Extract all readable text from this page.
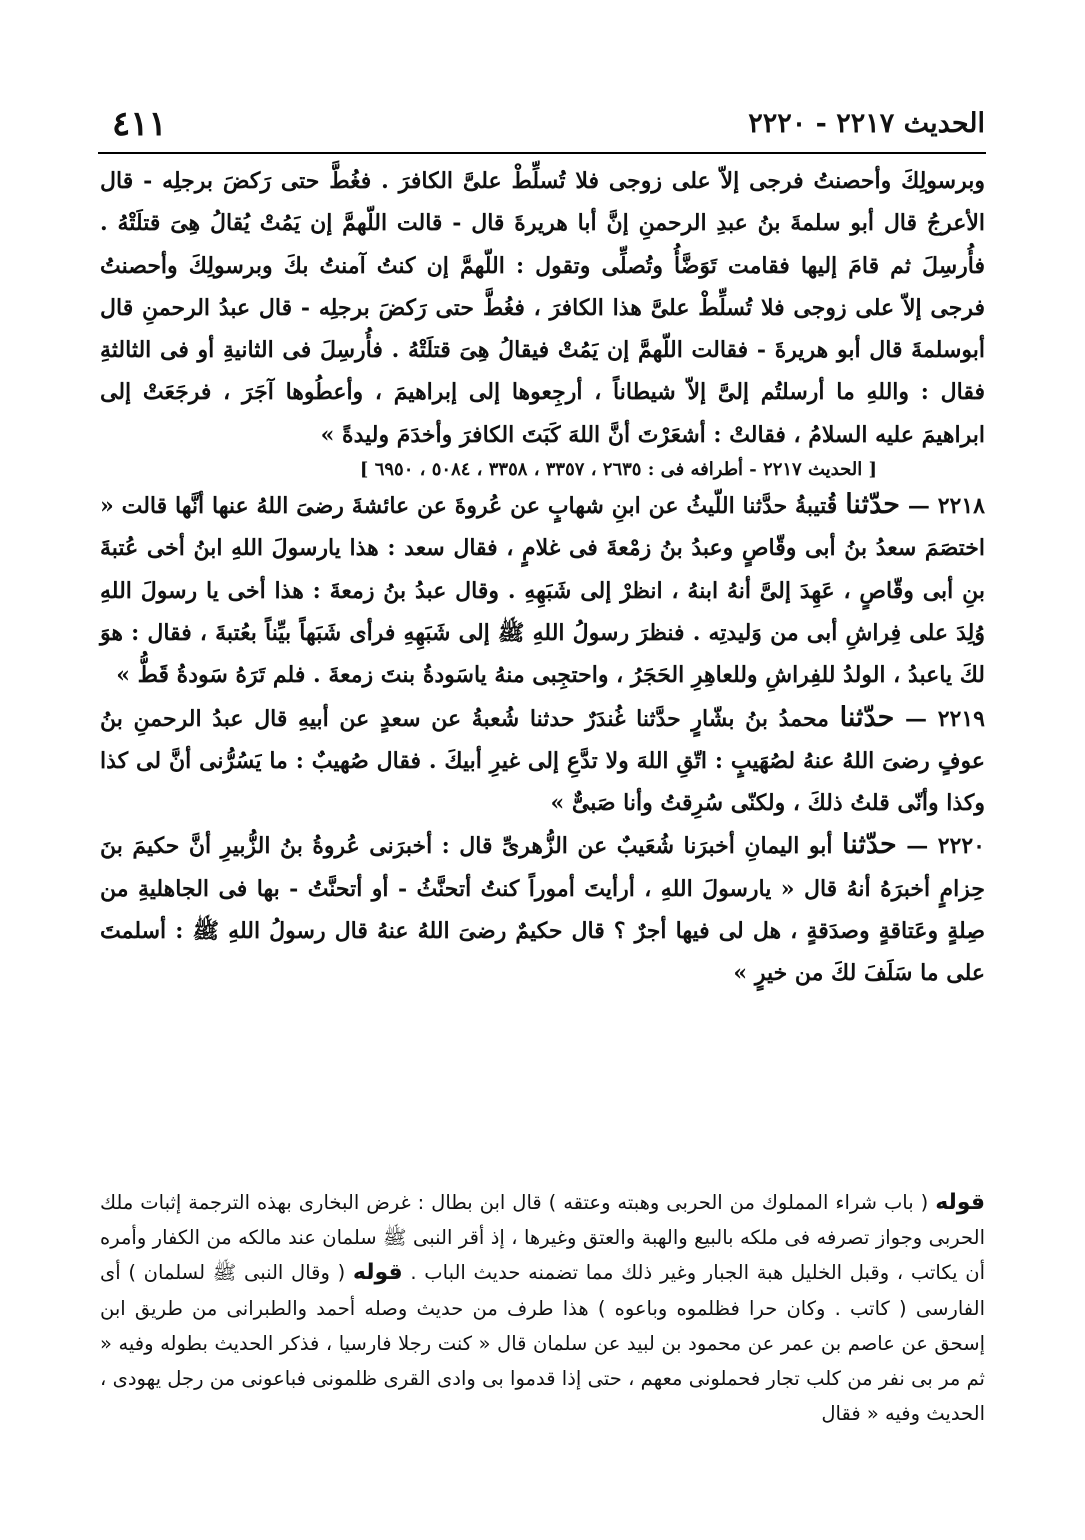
الحديث ٢٢١٧ - ٢٢٢٠
٤١١

وبرسولِكَ وأحصنتُ فرجى إلاّ على زوجى فلا تُسلِّطْ علىَّ الكافرَ . فغُطَّ حتى رَكضَ برجلِه - قال الأعرجُ قال أبو سلمةَ بنُ عبدِ الرحمنِ إنَّ أبا هريرةَ قال - قالت اللّهمَّ إن يَمُتْ يُقالُ هِىَ قتلَتْهُ . فأُرسِلَ ثم قامَ إليها فقامت تَوَضَّأُ وتُصلِّى وتقول : اللّهمَّ إن كنتُ آمنتُ بكَ وبرسولِكَ وأحصنتُ فرجى إلاّ على زوجى فلا تُسلِّطْ علىَّ هذا الكافرَ ، فغُطَّ حتى رَكضَ برجلِه - قال عبدُ الرحمنِ قال أبوسلمةَ قال أبو هريرةَ - فقالت اللّهمَّ إن يَمُتْ فيقالُ هِىَ قتلَتْهُ . فأُرسِلَ فى الثانيةِ أو فى الثالثةِ فقال : واللهِ ما أرسلتُم إلىَّ إلاّ شيطاناً ، أرجِعوها إلى إبراهيمَ ، وأعطُوها آجَرَ ، فرجَعَتْ إلى ابراهيمَ عليه السلامُ ، فقالتْ : أشعَرْتَ أنَّ اللهَ كَبَتَ الكافرَ وأخدَمَ وليدةً »

[ الحديث ٢٢١٧ - أطرافه فى : ٢٦٣٥ ، ٣٣٥٧ ، ٣٣٥٨ ، ٥٠٨٤ ، ٦٩٥٠ ]

٢٢١٨ — حدّثنا قُتيبةُ حدَّثنا اللّيثُ عن ابنِ شهابٍ عن عُروةَ عن عائشةَ رضىَ اللهُ عنها أنَّها قالت « اختصَمَ سعدُ بنُ أبى وقّاصٍ وعبدُ بنُ زمْعةَ فى غلامٍ ، فقال سعد : هذا يارسولَ اللهِ ابنُ أخى عُتبةَ بنِ أبى وقّاصٍ ، عَهِدَ إلىَّ أنهُ ابنهُ ، انظرْ إلى شَبَهِهِ . وقال عبدُ بنُ زمعةَ : هذا أخى يا رسولَ اللهِ وُلِدَ على فِراشِ أبى من وَليدتِه . فنظرَ رسولُ اللهِ ﷺ إلى شَبَهِهِ فرأى شَبَهاً بيِّناً بعُتبةَ ، فقال : هوَ لكَ ياعبدُ ، الولدُ للفِراشِ وللعاهِرِ الحَجَرُ ، واحتجِبى منهُ ياسَودةُ بنتَ زمعةَ . فلم تَرَهُ سَودةُ قَطُّ »

٢٢١٩ — حدّثنا محمدُ بنُ بشّارٍ حدَّثنا غُندَرٌ حدثنا شُعبةُ عن سعدٍ عن أبيهِ قال عبدُ الرحمنِ بنُ عوفٍ رضىَ اللهُ عنهُ لصُهَيبٍ : اتّقِ اللهَ ولا تدَّعِ إلى غيرِ أبيكَ . فقال صُهيبٌ : ما يَسُرُّنى أنَّ لى كذا وكذا وأنّى قلتُ ذلكَ ، ولكنّى سُرِقتُ وأنا صَبىٌّ »

٢٢٢٠ — حدّثنا أبو اليمانِ أخبرَنا شُعَيبٌ عن الزُّهرىِّ قال : أخبرَنى عُروةُ بنُ الزُّبيرِ أنَّ حكيمَ بنَ حِزامٍ أخبرَهُ أنهُ قال « يارسولَ اللهِ ، أرأيتَ أموراً كنتُ أتحنَّثُ - أو أتحنَّتُ - بها فى الجاهليةِ من صِلةٍ وعَتاقةٍ وصدَقةٍ ، هل لى فيها أجرٌ ؟ قال حكيمٌ رضىَ اللهُ عنهُ قال رسولُ اللهِ ﷺ : أسلمتَ على ما سَلَفَ لكَ من خيرٍ »

قوله ( باب شراء المملوك من الحربى وهبته وعتقه ) قال ابن بطال : غرض البخارى بهذه الترجمة إثبات ملك الحربى وجواز تصرفه فى ملكه بالبيع والهبة والعتق وغيرها ، إذ أقر النبى ﷺ سلمان عند مالكه من الكفار وأمره أن يكاتب ، وقبل الخليل هبة الجبار وغير ذلك مما تضمنه حديث الباب . قوله ( وقال النبى ﷺ لسلمان ) أى الفارسى ( كاتب . وكان حرا فظلموه وباعوه ) هذا طرف من حديث وصله أحمد والطبرانى من طريق ابن إسحق عن عاصم بن عمر عن محمود بن لبيد عن سلمان قال « كنت رجلا فارسيا ، فذكر الحديث بطوله وفيه « ثم مر بى نفر من كلب تجار فحملونى معهم ، حتى إذا قدموا بى وادى القرى ظلمونى فباعونى من رجل يهودى ، الحديث وفيه « فقال
